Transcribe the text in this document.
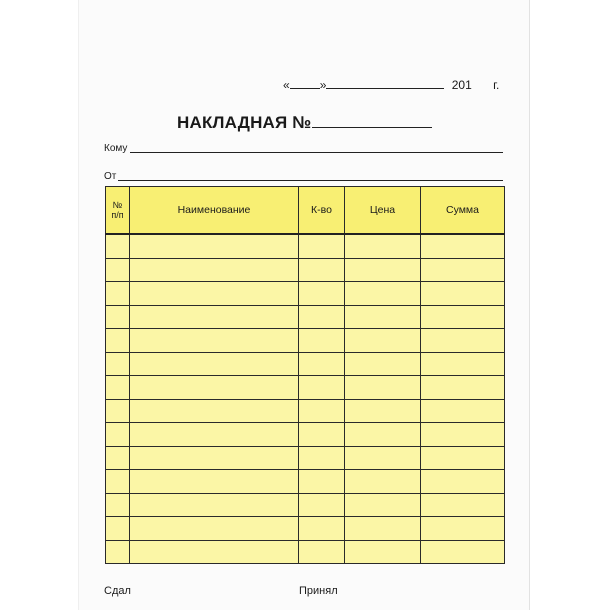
«	»	201 г.
НАКЛАДНАЯ №
Кому
От
№
п/п	Наименование	К-во	Цена	Сумма

Сдал	Принял
